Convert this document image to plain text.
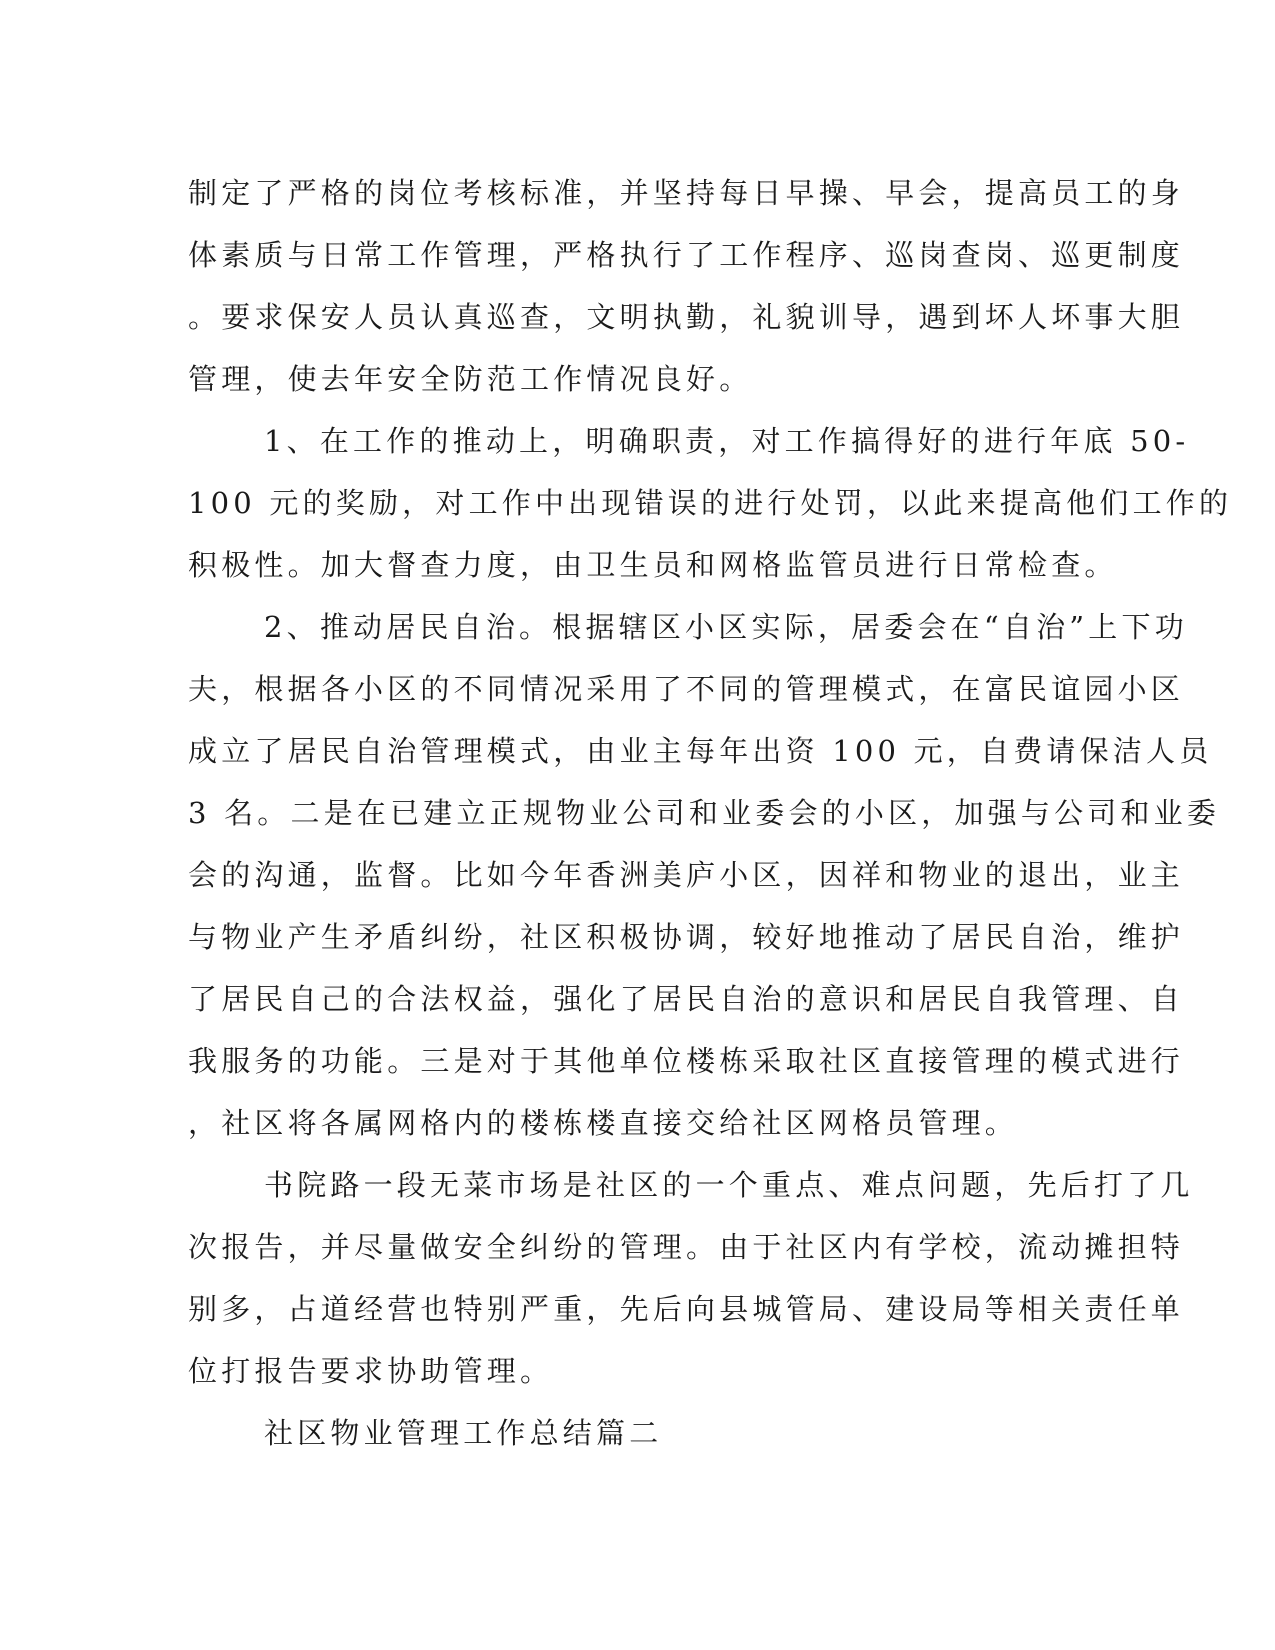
制定了严格的岗位考核标准，并坚持每日早操、早会，提高员工的身
体素质与日常工作管理，严格执行了工作程序、巡岗查岗、巡更制度
。要求保安人员认真巡查，文明执勤，礼貌训导，遇到坏人坏事大胆
管理，使去年安全防范工作情况良好。
1、在工作的推动上，明确职责，对工作搞得好的进行年底 50-
100 元的奖励，对工作中出现错误的进行处罚，以此来提高他们工作的
积极性。加大督查力度，由卫生员和网格监管员进行日常检查。
2、推动居民自治。根据辖区小区实际，居委会在“自治”上下功
夫，根据各小区的不同情况采用了不同的管理模式，在富民谊园小区
成立了居民自治管理模式，由业主每年出资 100 元，自费请保洁人员
3 名。二是在已建立正规物业公司和业委会的小区，加强与公司和业委
会的沟通，监督。比如今年香洲美庐小区，因祥和物业的退出，业主
与物业产生矛盾纠纷，社区积极协调，较好地推动了居民自治，维护
了居民自己的合法权益，强化了居民自治的意识和居民自我管理、自
我服务的功能。三是对于其他单位楼栋采取社区直接管理的模式进行
，社区将各属网格内的楼栋楼直接交给社区网格员管理。
书院路一段无菜市场是社区的一个重点、难点问题，先后打了几
次报告，并尽量做安全纠纷的管理。由于社区内有学校，流动摊担特
别多，占道经营也特别严重，先后向县城管局、建设局等相关责任单
位打报告要求协助管理。
社区物业管理工作总结篇二
